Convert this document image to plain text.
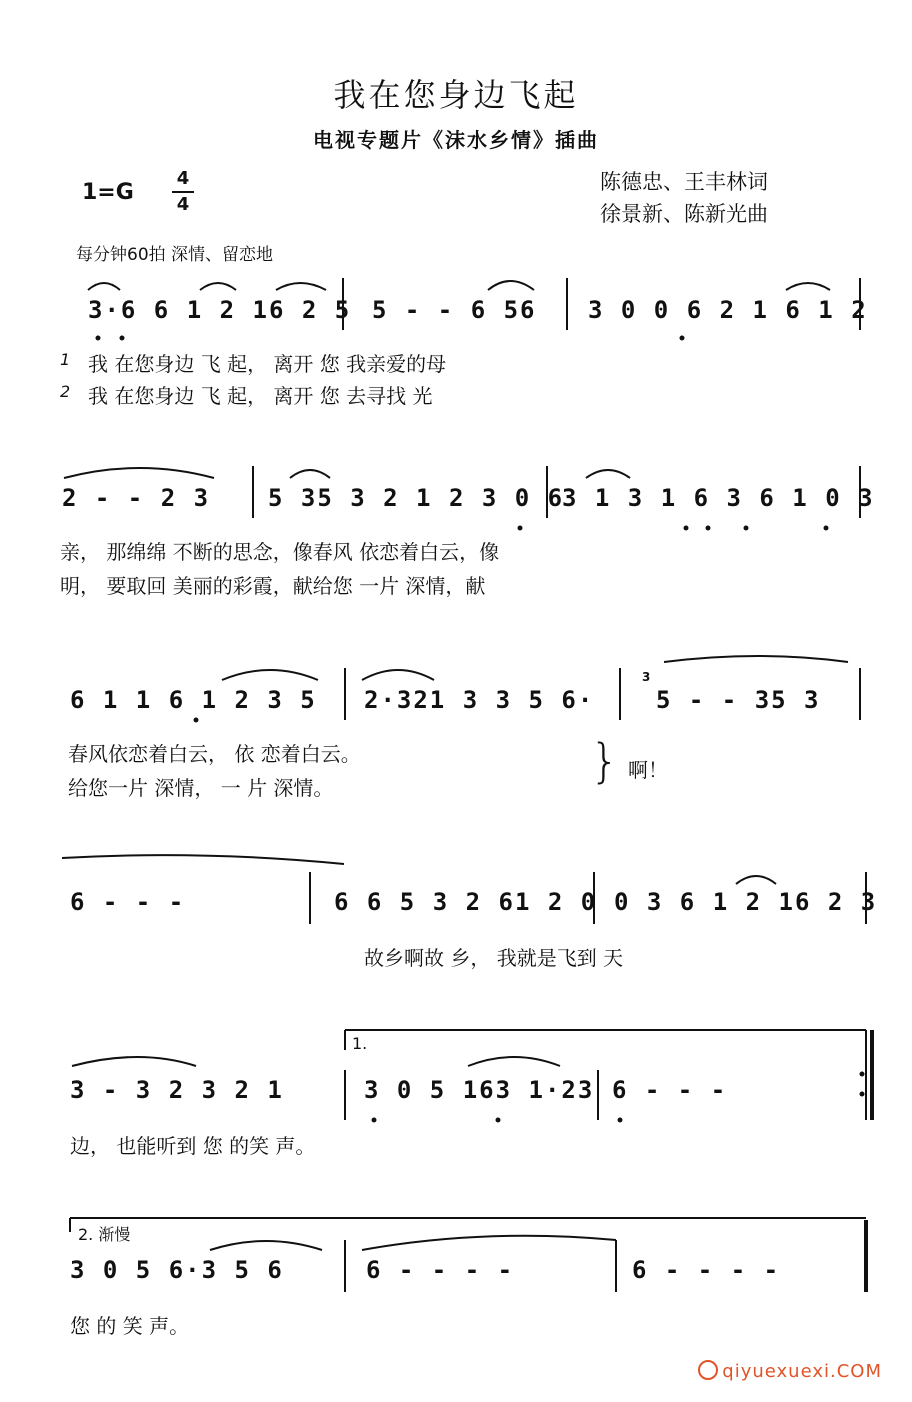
我在您身边飞起
电视专题片《沫水乡情》插曲
1=G
4
4
陈德忠、王丰林词
徐景新、陈新光曲
每分钟60拍 深情、留恋地
3·6 6 1 2 16 2 5 5 - - 6 56 3 0 0 6 2 1 6 1 2
1 我 在您身边 飞 起， 离开 您 我亲爱的母
2 我 在您身边 飞 起， 离开 您 去寻找 光
2 - - 2 3 5 35 3 2 1 2 3 0 6
3 1 3 1 6 3 6 1 0 3
亲， 那绵绵 不断的思念，像春风 依恋着白云，像
明， 要取回 美丽的彩霞，献给您 一片 深情，献
6 1 1 6 1 2 3 5 2·321 3 3 5 6·	5 - - 35 3
3
春风依恋着白云， 依 恋着白云。
给您一片 深情， 一 片 深情。	} 啊！
6 - - -	6 6 5 3 2 61 2 0 0 3 6 1 2 16 2 3
故乡啊故 乡， 我就是飞到 天
1.
3 - 3 2 3 2 1	3 0 5 163 1·23 6 - - -
边， 也能听到 您 的笑 声。
2. 渐慢
3 0 5 6·3 5 6	6 - - - -	6 - - - -
您 的 笑 声。
qiyuexuexi.COM
